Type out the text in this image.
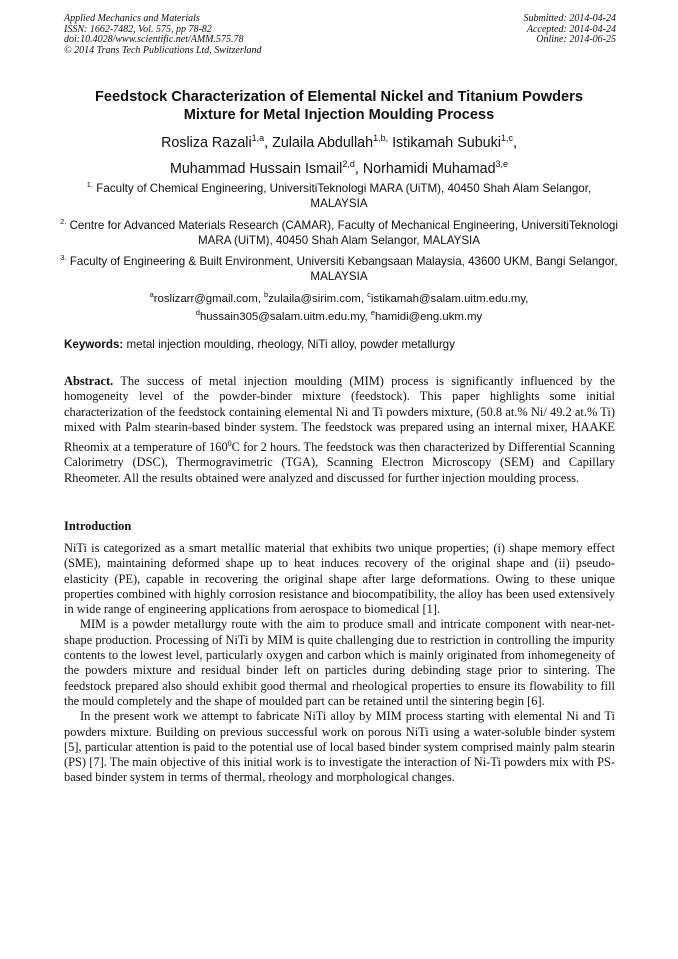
Applied Mechanics and Materials
ISSN: 1662-7482, Vol. 575, pp 78-82
doi:10.4028/www.scientific.net/AMM.575.78
© 2014 Trans Tech Publications Ltd, Switzerland
Submitted: 2014-04-24
Accepted: 2014-04-24
Online: 2014-06-25
Feedstock Characterization of Elemental Nickel and Titanium Powders
Mixture for Metal Injection Moulding Process
Rosliza Razali$^{1,a}$, Zulaila Abdullah$^{1,b,}$ Istikamah Subuki$^{1,c}$,
Muhammad Hussain Ismail$^{2,d}$, Norhamidi Muhamad$^{3,e}$
$^{1.}$ Faculty of Chemical Engineering, UniversitiTeknologi MARA (UiTM), 40450 Shah Alam Selangor, MALAYSIA
$^{2.}$ Centre for Advanced Materials Research (CAMAR), Faculty of Mechanical Engineering, UniversitiTeknologi MARA (UiTM), 40450 Shah Alam Selangor, MALAYSIA
$^{3.}$ Faculty of Engineering & Built Environment, Universiti Kebangsaan Malaysia, 43600 UKM, Bangi Selangor, MALAYSIA
$^a$roslizarr@gmail.com, $^b$zulaila@sirim.com, $^c$istikamah@salam.uitm.edu.my,
$^d$hussain305@salam.uitm.edu.my, $^e$hamidi@eng.ukm.my
Keywords: metal injection moulding, rheology, NiTi alloy, powder metallurgy
Abstract. The success of metal injection moulding (MIM) process is significantly influenced by the homogeneity level of the powder-binder mixture (feedstock). This paper highlights some initial characterization of the feedstock containing elemental Ni and Ti powders mixture, (50.8 at.% Ni/ 49.2 at.% Ti) mixed with Palm stearin-based binder system. The feedstock was prepared using an internal mixer, HAAKE Rheomix at a temperature of $160^0C$ for 2 hours. The feedstock was then characterized by Differential Scanning Calorimetry (DSC), Thermogravimetric (TGA), Scanning Electron Microscopy (SEM) and Capillary Rheometer. All the results obtained were analyzed and discussed for further injection moulding process.
Introduction

NiTi is categorized as a smart metallic material that exhibits two unique properties; (i) shape memory effect (SME), maintaining deformed shape up to heat induces recovery of the original shape and (ii) pseudo-elasticity (PE), capable in recovering the original shape after large deformations. Owing to these unique properties combined with highly corrosion resistance and biocompatibility, the alloy has been used extensively in wide range of engineering applications from aerospace to biomedical [1].

MIM is a powder metallurgy route with the aim to produce small and intricate component with near-net-shape production. Processing of NiTi by MIM is quite challenging due to restriction in controlling the impurity contents to the lowest level, particularly oxygen and carbon which is mainly originated from inhomegeneity of the powders mixture and residual binder left on particles during debinding stage prior to sintering. The feedstock prepared also should exhibit good thermal and rheological properties to ensure its flowability to fill the mould completely and the shape of moulded part can be retained until the sintering begin [6].

In the present work we attempt to fabricate NiTi alloy by MIM process starting with elemental Ni and Ti powders mixture. Building on previous successful work on porous NiTi using a water-soluble binder system [5], particular attention is paid to the potential use of local based binder system comprised mainly palm stearin (PS) [7]. The main objective of this initial work is to investigate the interaction of Ni-Ti powders mix with PS-based binder system in terms of thermal, rheology and morphological changes.
